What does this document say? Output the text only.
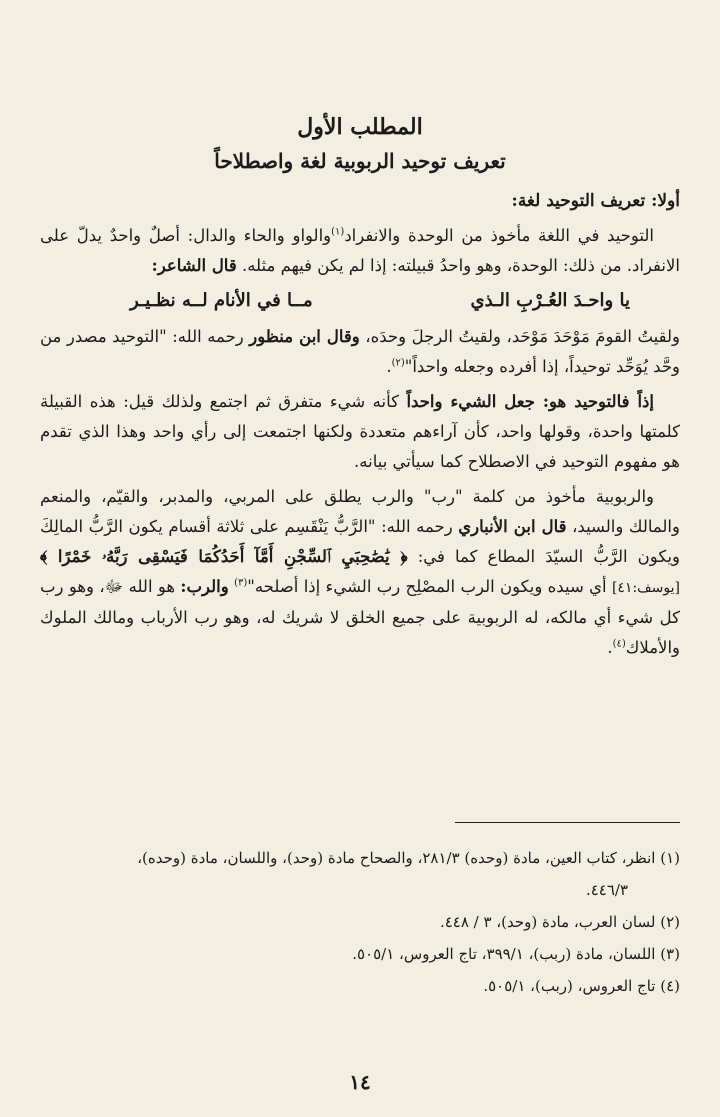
المطلب الأول
تعريف توحيد الربوبية لغة واصطلاحاً

أولا: تعريف التوحيد لغة:

التوحيد في اللغة مأخوذ من الوحدة والانفراد$^{(١)}$والواو والحاء والدال: أصلٌ واحدٌ يدلّ على الانفراد. من ذلك: الوحدة، وهو واحدُ قبيلته: إذا لم يكن فيهم مثله. قال الشاعر:

يا واحـدَ العُـرْبِ الـذي
مــا في الأنام لــه نظـيـر

ولقيتُ القومَ مَوْحَدَ مَوْحَد، ولقيتُ الرجلَ وحدَه، وقال ابن منظور رحمه الله: "التوحيد مصدر من وحَّد يُوَحِّد توحيداً، إذا أفرده وجعله واحداً"$^{(٢)}$.

إذاً فالتوحيد هو: جعل الشيء واحداً كأنه شيء متفرق ثم اجتمع ولذلك قيل: هذه القبيلة كلمتها واحدة، وقولها واحد، كأن آراءهم متعددة ولكنها اجتمعت إلى رأي واحد وهذا الذي تقدم هو مفهوم التوحيد في الاصطلاح كما سيأتي بيانه.

والربوبية مأخوذ من كلمة "رب" والرب يطلق على المربي، والمدبر، والقيّم، والمنعم والمالك والسيد، قال ابن الأنباري رحمه الله: "الرَّبُّ يَنْقَسِم على ثلاثة أقسام يكون الرَّبُّ المالِكَ ويكون الرَّبُّ السيّدَ المطاع كما في: ﴿ يَٰصَٰحِبَيِ ٱلسِّجْنِ أَمَّآ أَحَدُكُمَا فَيَسْقِى رَبَّهُۥ خَمْرًا ﴾ [يوسف:٤١] أي سيده ويكون الرب المصْلِح رب الشيء إذا أصلحه"$^{(٣)}$ والرب: هو الله ﷻ، وهو رب كل شيء أي مالكه، له الربوبية على جميع الخلق لا شريك له، وهو رب الأرباب ومالك الملوك والأملاك$^{(٤)}$.

(١) انظر، كتاب العين، مادة (وحده) ٢٨١/٣، والصحاح مادة (وحد)، واللسان، مادة (وحده)،

٤٤٦/٣.

(٢) لسان العرب، مادة (وحد)، ٣ / ٤٤٨.

(٣) اللسان، مادة (ربب)، ٣٩٩/١، تاج العروس، ٥٠٥/١.

(٤) تاج العروس، (ربب)، ٥٠٥/١.

١٤
